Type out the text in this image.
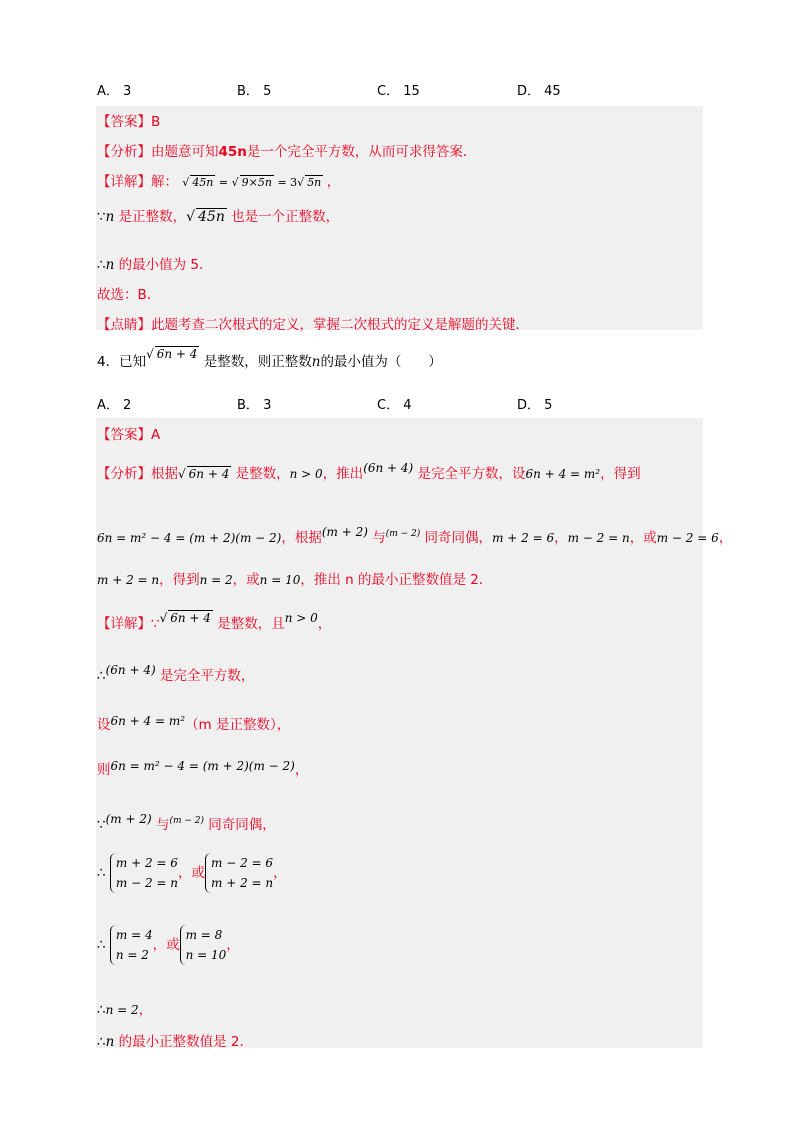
A． 3	B． 5	C． 15	D． 45
【答案】B
【分析】由题意可知45n是一个完全平方数，从而可求得答案．
【详解】解： √ 45n = √ 9×5n = 3√ 5n ，
∵n 是正整数，√ 45n 也是一个正整数，
∴n 的最小值为 5．
故选：B．
【点睛】此题考查二次根式的定义，掌握二次根式的定义是解题的关键．
4．已知√ 6n + 4 是整数，则正整数n的最小值为（　　）
A． 2	B． 3	C． 4	D． 5
【答案】A
【分析】根据√ 6n + 4 是整数，n > 0，推出(6n + 4) 是完全平方数，设6n + 4 = m²，得到
6n = m² − 4 = (m + 2)(m − 2)，根据(m + 2) 与$^{(m - 2)}$ 同奇同偶，m + 2 = 6，m − 2 = n，或m − 2 = 6，
m + 2 = n，得到n = 2，或n = 10，推出 n 的最小正整数值是 2．
【详解】∵√ 6n + 4 是整数，且n > 0，
∴(6n + 4) 是完全平方数，
设6n + 4 = m²（m 是正整数），
则6n = m² − 4 = (m + 2)(m − 2)，
∵(m + 2) 与$^{(m - 2)}$ 同奇同偶，
∴ m + 2 = 6
m − 2 = n，或m − 2 = 6
m + 2 = n，
∴ m = 4
n = 2，或m = 8
n = 10，
∴n = 2，
∴n 的最小正整数值是 2．
